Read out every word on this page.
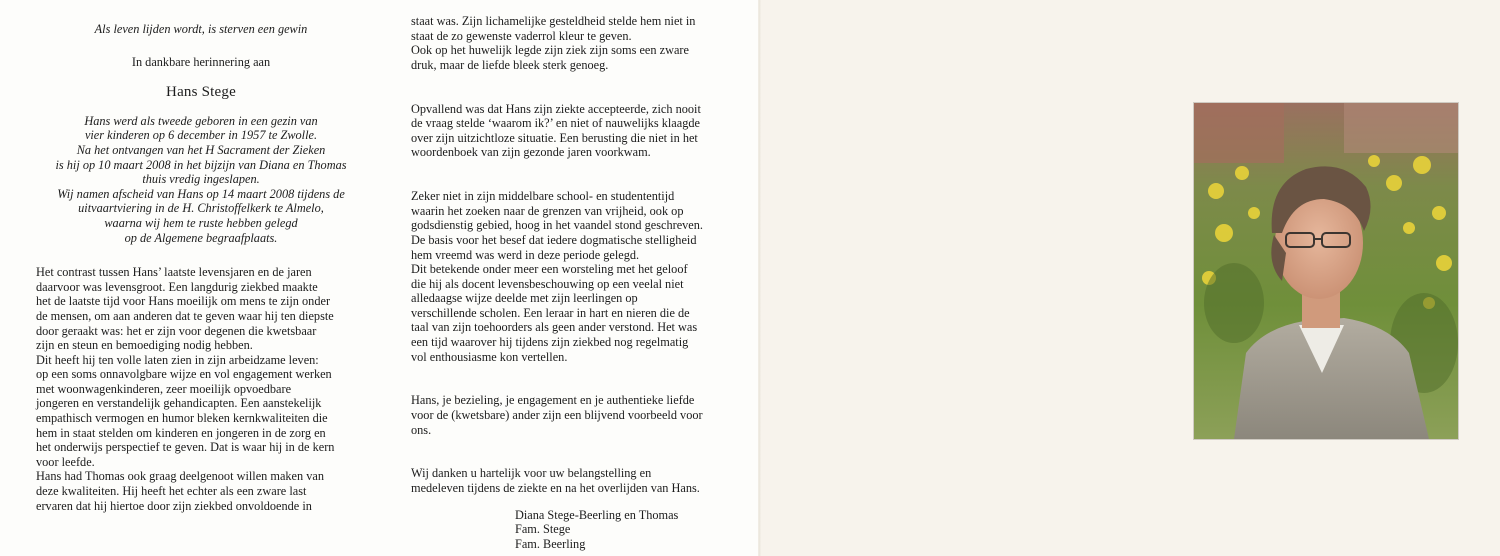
Als leven lijden wordt, is sterven een gewin
In dankbare herinnering aan
Hans Stege
Hans werd als tweede geboren in een gezin van
vier kinderen op 6 december in 1957 te Zwolle.
Na het ontvangen van het H Sacrament der Zieken
is hij op 10 maart 2008 in het bijzijn van Diana en Thomas
thuis vredig ingeslapen.
Wij namen afscheid van Hans op 14 maart 2008 tijdens de
uitvaartviering in de H. Christoffelkerk te Almelo,
waarna wij hem te ruste hebben gelegd
op de Algemene begraafplaats.
Het contrast tussen Hans’ laatste levensjaren en de jaren
daarvoor was levensgroot. Een langdurig ziekbed maakte
het de laatste tijd voor Hans moeilijk om mens te zijn onder
de mensen, om aan anderen dat te geven waar hij ten diepste
door geraakt was: het er zijn voor degenen die kwetsbaar
zijn en steun en bemoediging nodig hebben.
Dit heeft hij ten volle laten zien in zijn arbeidzame leven:
op een soms onnavolgbare wijze en vol engagement werken
met woonwagenkinderen, zeer moeilijk opvoedbare
jongeren en verstandelijk gehandicapten. Een aanstekelijk
empathisch vermogen en humor bleken kernkwaliteiten die
hem in staat stelden om kinderen en jongeren in de zorg en
het onderwijs perspectief te geven. Dat is waar hij in de kern
voor leefde.
Hans had Thomas ook graag deelgenoot willen maken van
deze kwaliteiten. Hij heeft het echter als een zware last
ervaren dat hij hiertoe door zijn ziekbed onvoldoende in
staat was. Zijn lichamelijke gesteldheid stelde hem niet in
staat de zo gewenste vaderrol kleur te geven.
Ook op het huwelijk legde zijn ziek zijn soms een zware
druk, maar de liefde bleek sterk genoeg.
Opvallend was dat Hans zijn ziekte accepteerde, zich nooit
de vraag stelde ‘waarom ik?’ en niet of nauwelijks klaagde
over zijn uitzichtloze situatie. Een berusting die niet in het
woordenboek van zijn gezonde jaren voorkwam.
Zeker niet in zijn middelbare school- en studententijd
waarin het zoeken naar de grenzen van vrijheid, ook op
godsdienstig gebied, hoog in het vaandel stond geschreven.
De basis voor het besef dat iedere dogmatische stelligheid
hem vreemd was werd in deze periode gelegd.
Dit betekende onder meer een worsteling met het geloof
die hij als docent levensbeschouwing op een veelal niet
alledaagse wijze deelde met zijn leerlingen op
verschillende scholen. Een leraar in hart en nieren die de
taal van zijn toehoorders als geen ander verstond. Het was
een tijd waarover hij tijdens zijn ziekbed nog regelmatig
vol enthousiasme kon vertellen.
Hans, je bezieling, je engagement en je authentieke liefde
voor de (kwetsbare) ander zijn een blijvend voorbeeld voor
ons.
Wij danken u hartelijk voor uw belangstelling en
medeleven tijdens de ziekte en na het overlijden van Hans.
Diana Stege-Beerling en Thomas
Fam. Stege
Fam. Beerling
